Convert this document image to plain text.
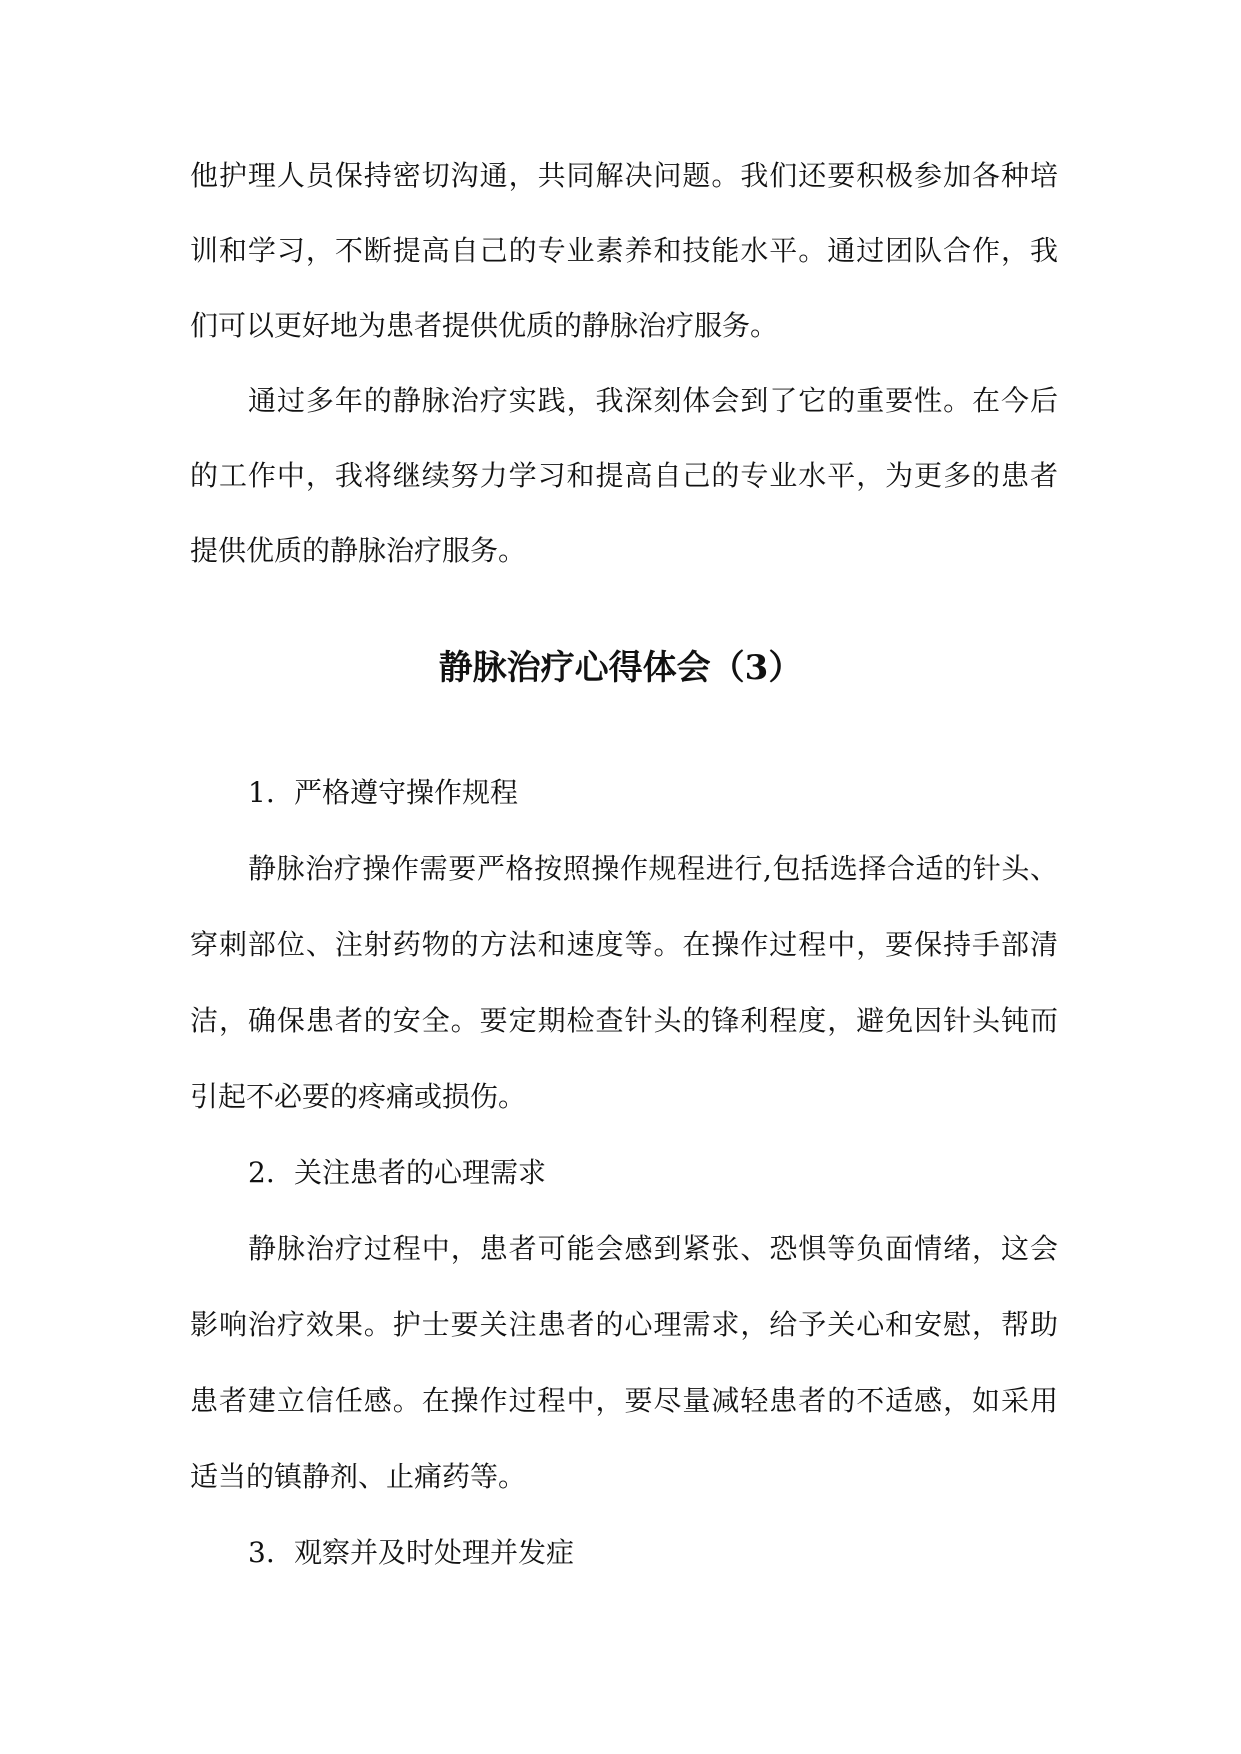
他护理人员保持密切沟通，共同解决问题。我们还要积极参加各种培
训和学习，不断提高自己的专业素养和技能水平。通过团队合作，我
们可以更好地为患者提供优质的静脉治疗服务。
通过多年的静脉治疗实践，我深刻体会到了它的重要性。在今后
的工作中，我将继续努力学习和提高自己的专业水平，为更多的患者
提供优质的静脉治疗服务。
静脉治疗心得体会（3）
1. 严格遵守操作规程
静脉治疗操作需要严格按照操作规程进行,包括选择合适的针头、
穿刺部位、注射药物的方法和速度等。在操作过程中，要保持手部清
洁，确保患者的安全。要定期检查针头的锋利程度，避免因针头钝而
引起不必要的疼痛或损伤。
2. 关注患者的心理需求
静脉治疗过程中，患者可能会感到紧张、恐惧等负面情绪，这会
影响治疗效果。护士要关注患者的心理需求，给予关心和安慰，帮助
患者建立信任感。在操作过程中，要尽量减轻患者的不适感，如采用
适当的镇静剂、止痛药等。
3. 观察并及时处理并发症
